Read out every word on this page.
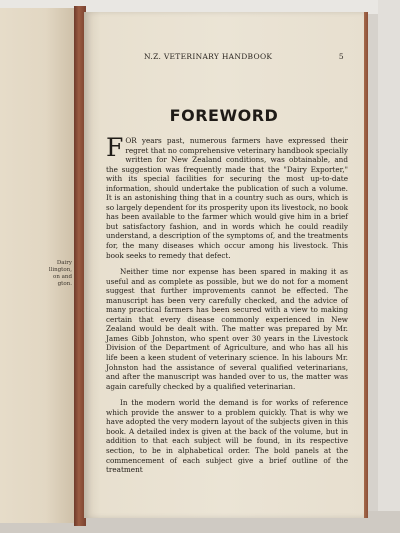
Dairy
llington,
on and
gton.
N.Z. VETERINARY HANDBOOK	5
FOREWORD

FOR years past, numerous farmers have expressed their regret that no comprehensive veterinary handbook specially written for New Zealand conditions, was obtainable, and the suggestion was frequently made that the "Dairy Exporter," with its special facilities for securing the most up-to-date information, should undertake the publication of such a volume. It is an astonishing thing that in a country such as ours, which is so largely dependent for its prosperity upon its livestock, no book has been available to the farmer which would give him in a brief but satisfactory fashion, and in words which he could readily understand, a description of the symptoms of, and the treatments for, the many diseases which occur among his livestock. This book seeks to remedy that defect.

Neither time nor expense has been spared in making it as useful and as complete as possible, but we do not for a moment suggest that further improvements cannot be effected. The manuscript has been very carefully checked, and the advice of many practical farmers has been secured with a view to making certain that every disease commonly experienced in New Zealand would be dealt with. The matter was prepared by Mr. James Gibb Johnston, who spent over 30 years in the Livestock Division of the Department of Agriculture, and who has all his life been a keen student of veterinary science. In his labours Mr. Johnston had the assistance of several qualified veterinarians, and after the manuscript was handed over to us, the matter was again carefully checked by a qualified veterinarian.

In the modern world the demand is for works of reference which provide the answer to a problem quickly. That is why we have adopted the very modern layout of the subjects given in this book. A detailed index is given at the back of the volume, but in addition to that each subject will be found, in its respective section, to be in alphabetical order. The bold panels at the commencement of each subject give a brief outline of the treatment
